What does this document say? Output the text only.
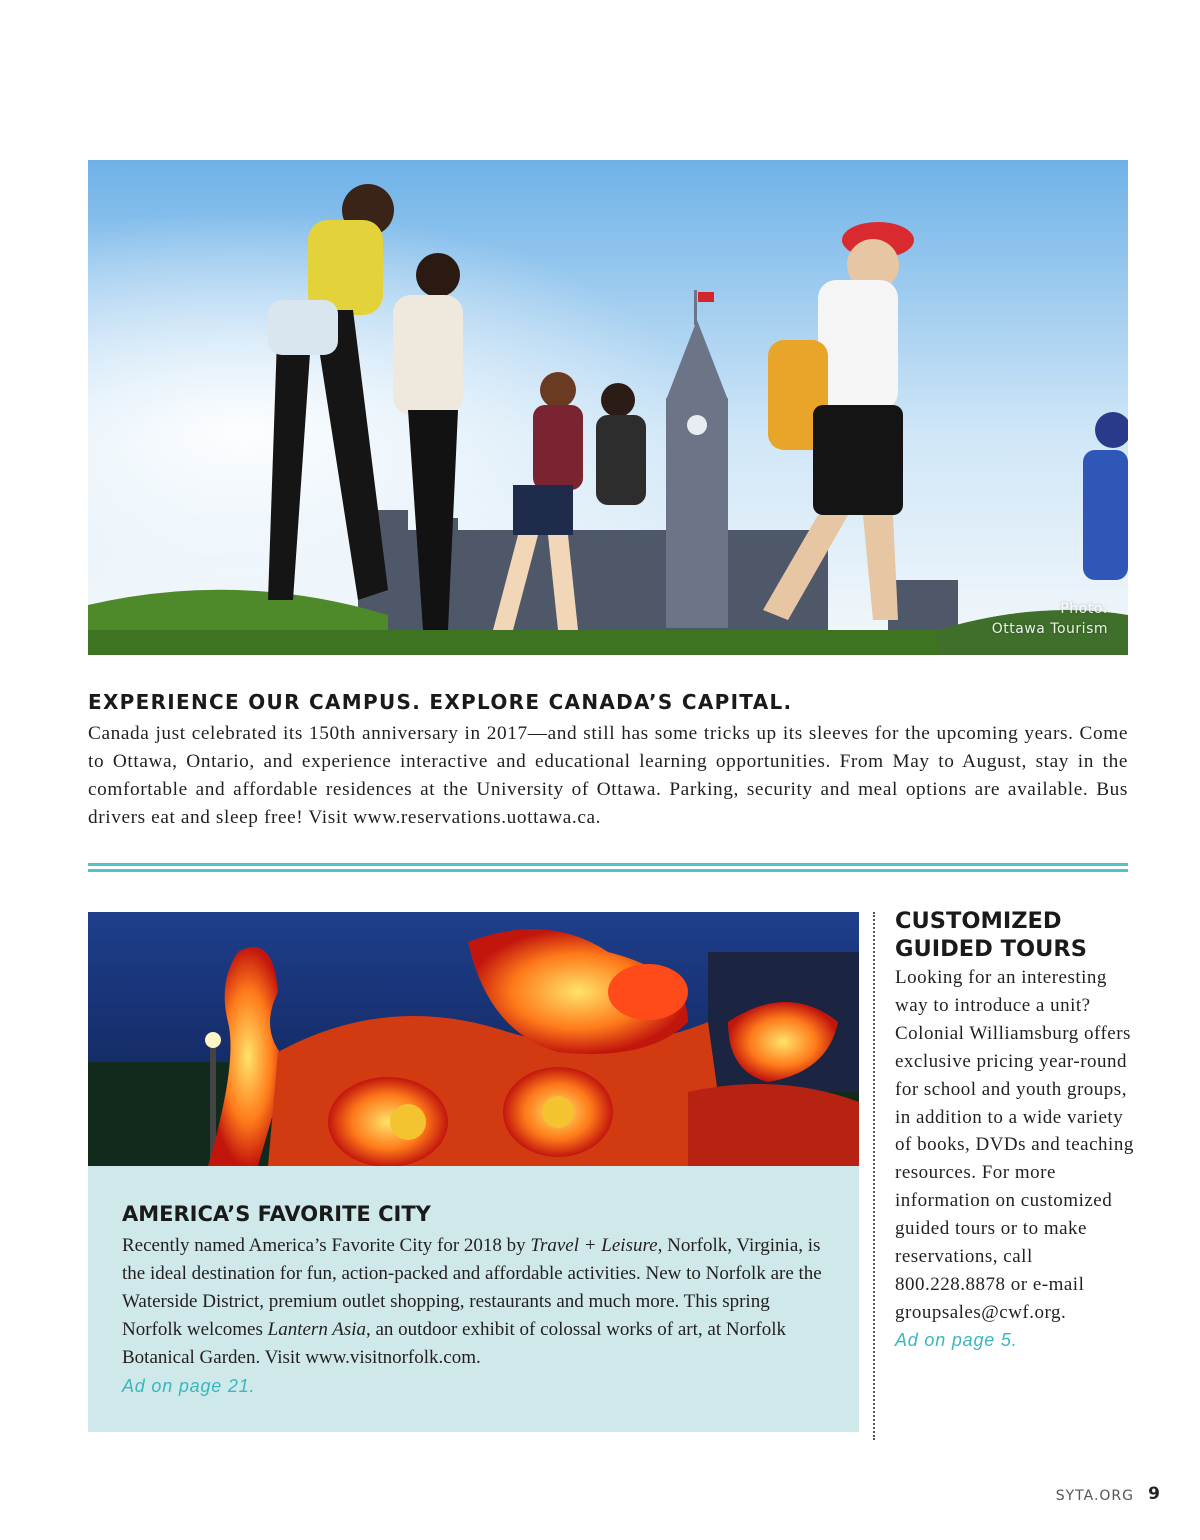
Photo:
Ottawa Tourism
EXPERIENCE OUR CAMPUS. EXPLORE CANADA’S CAPITAL.

Canada just celebrated its 150th anniversary in 2017—and still has some tricks up its sleeves for the upcoming years. Come to Ottawa, Ontario, and experience interactive and educational learning opportunities. From May to August, stay in the comfortable and affordable residences at the University of Ottawa. Parking, security and meal options are available. Bus drivers eat and sleep free! Visit www.reservations.uottawa.ca.

AMERICA’S FAVORITE CITY

Recently named America’s Favorite City for 2018 by Travel + Leisure, Norfolk, Virginia, is the ideal destination for fun, action-packed and affordable activities. New to Norfolk are the Waterside District, premium outlet shopping, restaurants and much more. This spring Norfolk welcomes Lantern Asia, an outdoor exhibit of colossal works of art, at Norfolk Botanical Garden. Visit www.visitnorfolk.com.
Ad on page 21.

CUSTOMIZED GUIDED TOURS

Looking for an interesting way to introduce a unit? Colonial Williamsburg offers exclusive pricing year-round for school and youth groups, in addition to a wide variety of books, DVDs and teaching resources. For more information on customized guided tours or to make reservations, call 800.228.8878 or e-mail groupsales@cwf.org.
Ad on page 5.

SYTA.ORG 9
